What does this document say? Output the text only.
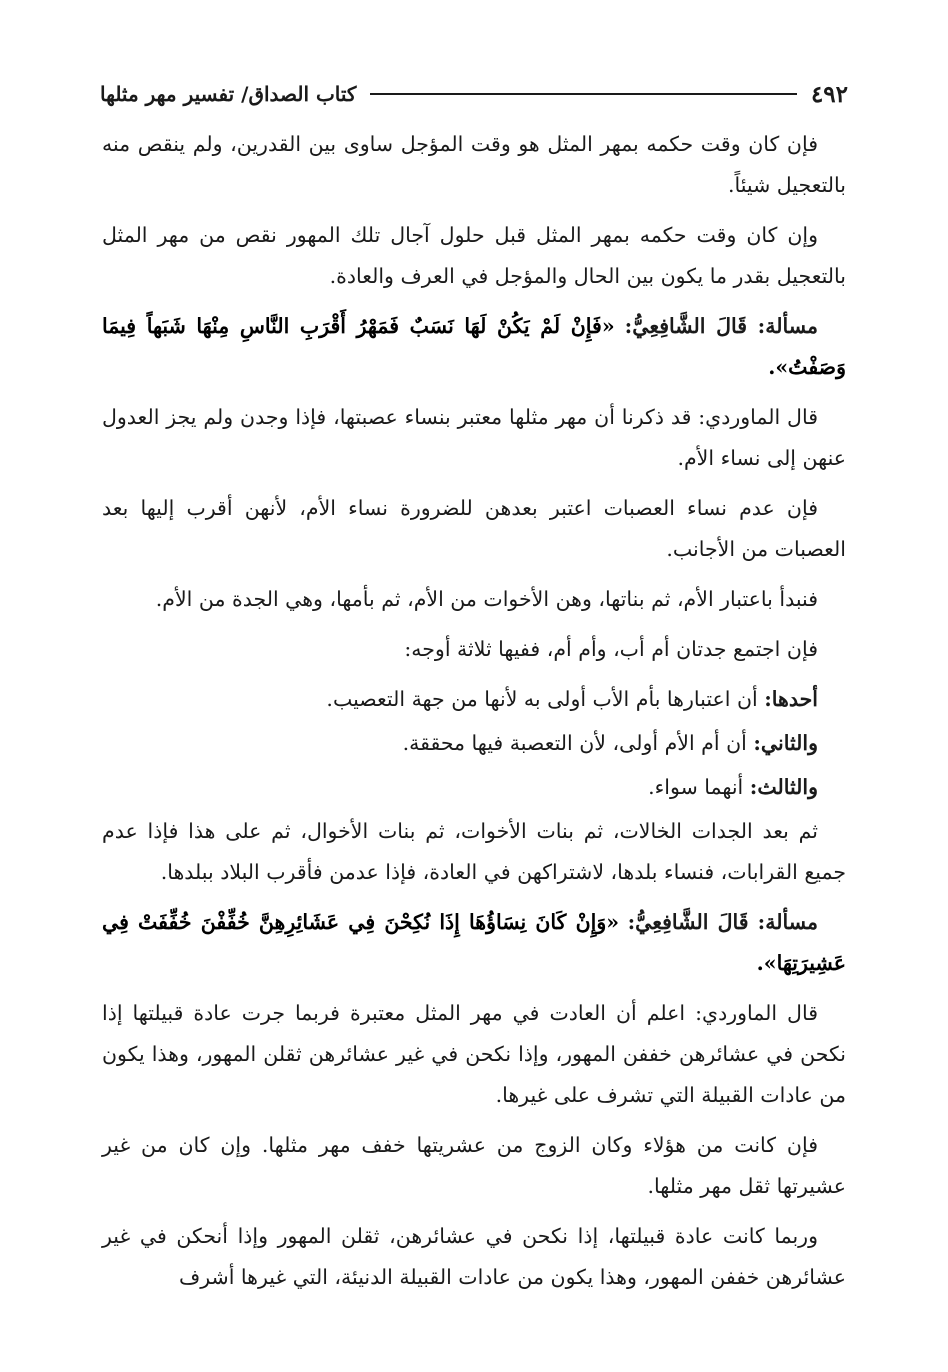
٤٩٢
كتاب الصداق/ تفسير مهر مثلها

فإن كان وقت حكمه بمهر المثل هو وقت المؤجل ساوى بين القدرين، ولم ينقص منه بالتعجيل شيئاً.

وإن كان وقت حكمه بمهر المثل قبل حلول آجال تلك المهور نقص من مهر المثل بالتعجيل بقدر ما يكون بين الحال والمؤجل في العرف والعادة.

مسألة: قَالَ الشَّافِعِيُّ: «فَإِنْ لَمْ يَكُنْ لَهَا نَسَبٌ فَمَهْرُ أَقْرَبِ النَّاسِ مِنْهَا شَبَهاً فِيمَا وَصَفْتُ».

قال الماوردي: قد ذكرنا أن مهر مثلها معتبر بنساء عصبتها، فإذا وجدن ولم يجز العدول عنهن إلى نساء الأم.

فإن عدم نساء العصبات اعتبر بعدهن للضرورة نساء الأم، لأنهن أقرب إليها بعد العصبات من الأجانب.

فنبدأ باعتبار الأم، ثم بناتها، وهن الأخوات من الأم، ثم بأمها، وهي الجدة من الأم.

فإن اجتمع جدتان أم أب، وأم أم، ففيها ثلاثة أوجه:

أحدها: أن اعتبارها بأم الأب أولى به لأنها من جهة التعصيب.

والثاني: أن أم الأم أولى، لأن التعصبة فيها محققة.

والثالث: أنهما سواء.

ثم بعد الجدات الخالات، ثم بنات الأخوات، ثم بنات الأخوال، ثم على هذا فإذا عدم جميع القرابات، فنساء بلدها، لاشتراكهن في العادة، فإذا عدمن فأقرب البلاد ببلدها.

مسألة: قَالَ الشَّافِعِيُّ: «وَإِنْ كَانَ نِسَاؤُهَا إِذَا نُكِحْنَ فِي عَشَائِرِهِنَّ خُفِّفْنَ خُفِّفَتْ فِي عَشِيرَتِهَا».

قال الماوردي: اعلم أن العادت في مهر المثل معتبرة فربما جرت عادة قبيلتها إذا نكحن في عشائرهن خففن المهور، وإذا نكحن في غير عشائرهن ثقلن المهور، وهذا يكون من عادات القبيلة التي تشرف على غيرها.

فإن كانت من هؤلاء وكان الزوج من عشريتها خفف مهر مثلها. وإن كان من غير عشيرتها ثقل مهر مثلها.

وربما كانت عادة قبيلتها، إذا نكحن في عشائرهن، ثقلن المهور وإذا أنحكن في غير عشائرهن خففن المهور، وهذا يكون من عادات القبيلة الدنيئة، التي غيرها أشرف
